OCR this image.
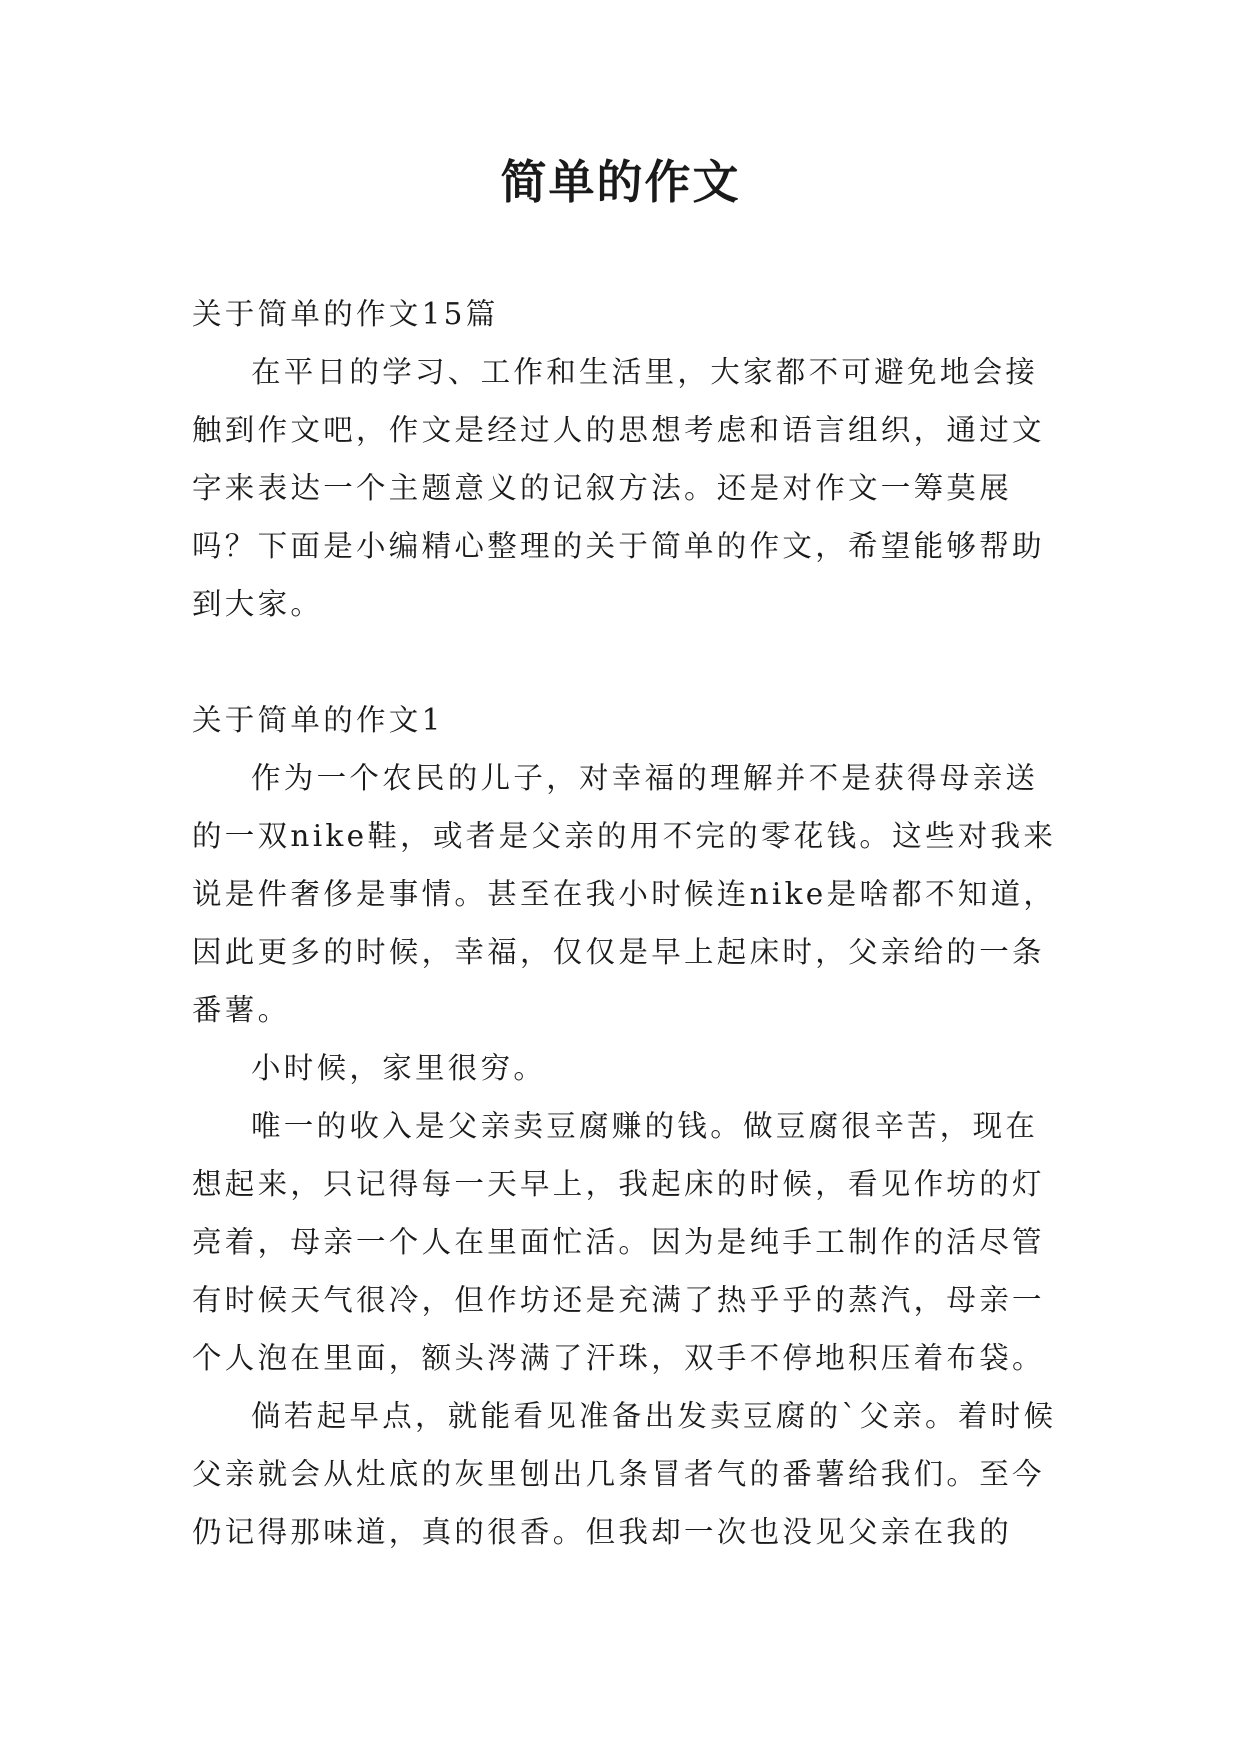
简单的作文

关于简单的作文15篇

在平日的学习、工作和生活里，大家都不可避免地会接触到作文吧，作文是经过人的思想考虑和语言组织，通过文字来表达一个主题意义的记叙方法。还是对作文一筹莫展吗？下面是小编精心整理的关于简单的作文，希望能够帮助到大家。

关于简单的作文1

作为一个农民的儿子，对幸福的理解并不是获得母亲送的一双nike鞋，或者是父亲的用不完的零花钱。这些对我来说是件奢侈是事情。甚至在我小时候连nike是啥都不知道，因此更多的时候，幸福，仅仅是早上起床时，父亲给的一条番薯。

小时候，家里很穷。

唯一的收入是父亲卖豆腐赚的钱。做豆腐很辛苦，现在想起来，只记得每一天早上，我起床的时候，看见作坊的灯亮着，母亲一个人在里面忙活。因为是纯手工制作的活尽管有时候天气很冷，但作坊还是充满了热乎乎的蒸汽，母亲一个人泡在里面，额头涔满了汗珠，双手不停地积压着布袋。

倘若起早点，就能看见准备出发卖豆腐的`父亲。着时候父亲就会从灶底的灰里刨出几条冒者气的番薯给我们。至今仍记得那味道，真的很香。但我却一次也没见父亲在我的
